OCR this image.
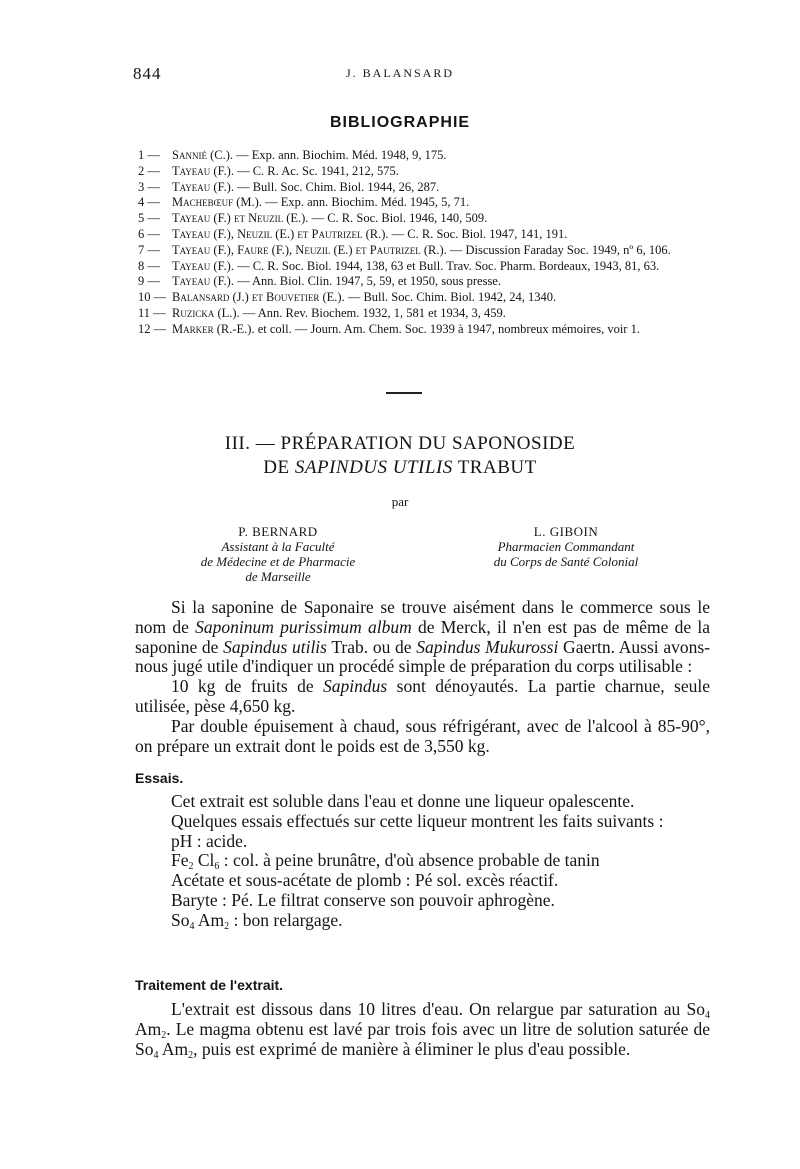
844	J. BALANSARD
BIBLIOGRAPHIE
1 — Sannié (C.). — Exp. ann. Biochim. Méd. 1948, 9, 175.
2 — Tayeau (F.). — C. R. Ac. Sc. 1941, 212, 575.
3 — Tayeau (F.). — Bull. Soc. Chim. Biol. 1944, 26, 287.
4 — Machebœuf (M.). — Exp. ann. Biochim. Méd. 1945, 5, 71.
5 — Tayeau (F.) et Neuzil (E.). — C. R. Soc. Biol. 1946, 140, 509.
6 — Tayeau (F.), Neuzil (E.) et Pautrizel (R.). — C. R. Soc. Biol. 1947, 141, 191.
7 — Tayeau (F.), Faure (F.), Neuzil (E.) et Pautrizel (R.). — Discussion Faraday Soc. 1949, nº 6, 106.
8 — Tayeau (F.). — C. R. Soc. Biol. 1944, 138, 63 et Bull. Trav. Soc. Pharm. Bordeaux, 1943, 81, 63.
9 — Tayeau (F.). — Ann. Biol. Clin. 1947, 5, 59, et 1950, sous presse.
10 — Balansard (J.) et Bouvetier (E.). — Bull. Soc. Chim. Biol. 1942, 24, 1340.
11 — Ruzicka (L.). — Ann. Rev. Biochem. 1932, 1, 581 et 1934, 3, 459.
12 — Marker (R.-E.). et coll. — Journ. Am. Chem. Soc. 1939 à 1947, nombreux mémoires, voir 1.
III. — PRÉPARATION DU SAPONOSIDE
DE SAPINDUS UTILIS TRABUT
par
P. BERNARD
Assistant à la Faculté
de Médecine et de Pharmacie
de Marseille
L. GIBOIN
Pharmacien Commandant
du Corps de Santé Colonial

Si la saponine de Saponaire se trouve aisément dans le commerce sous le nom de Saponinum purissimum album de Merck, il n'en est pas de même de la saponine de Sapindus utilis Trab. ou de Sapindus Mukurossi Gaertn. Aussi avons-nous jugé utile d'indiquer un procédé simple de préparation du corps utilisable :

10 kg de fruits de Sapindus sont dénoyautés. La partie charnue, seule utilisée, pèse 4,650 kg.

Par double épuisement à chaud, sous réfrigérant, avec de l'alcool à 85-90°, on prépare un extrait dont le poids est de 3,550 kg.

Essais.

Cet extrait est soluble dans l'eau et donne une liqueur opalescente.

Quelques essais effectués sur cette liqueur montrent les faits suivants :

pH : acide.

$Fe_2$ $Cl_6$ : col. à peine brunâtre, d'où absence probable de tanin

Acétate et sous-acétate de plomb : Pé sol. excès réactif.

Baryte : Pé. Le filtrat conserve son pouvoir aphrogène.

$So_4$ $Am_2$ : bon relargage.

Traitement de l'extrait.

L'extrait est dissous dans 10 litres d'eau. On relargue par saturation au $So_4$ $Am_2$. Le magma obtenu est lavé par trois fois avec un litre de solution saturée de $So_4$ $Am_2$, puis est exprimé de manière à éliminer le plus d'eau possible.
